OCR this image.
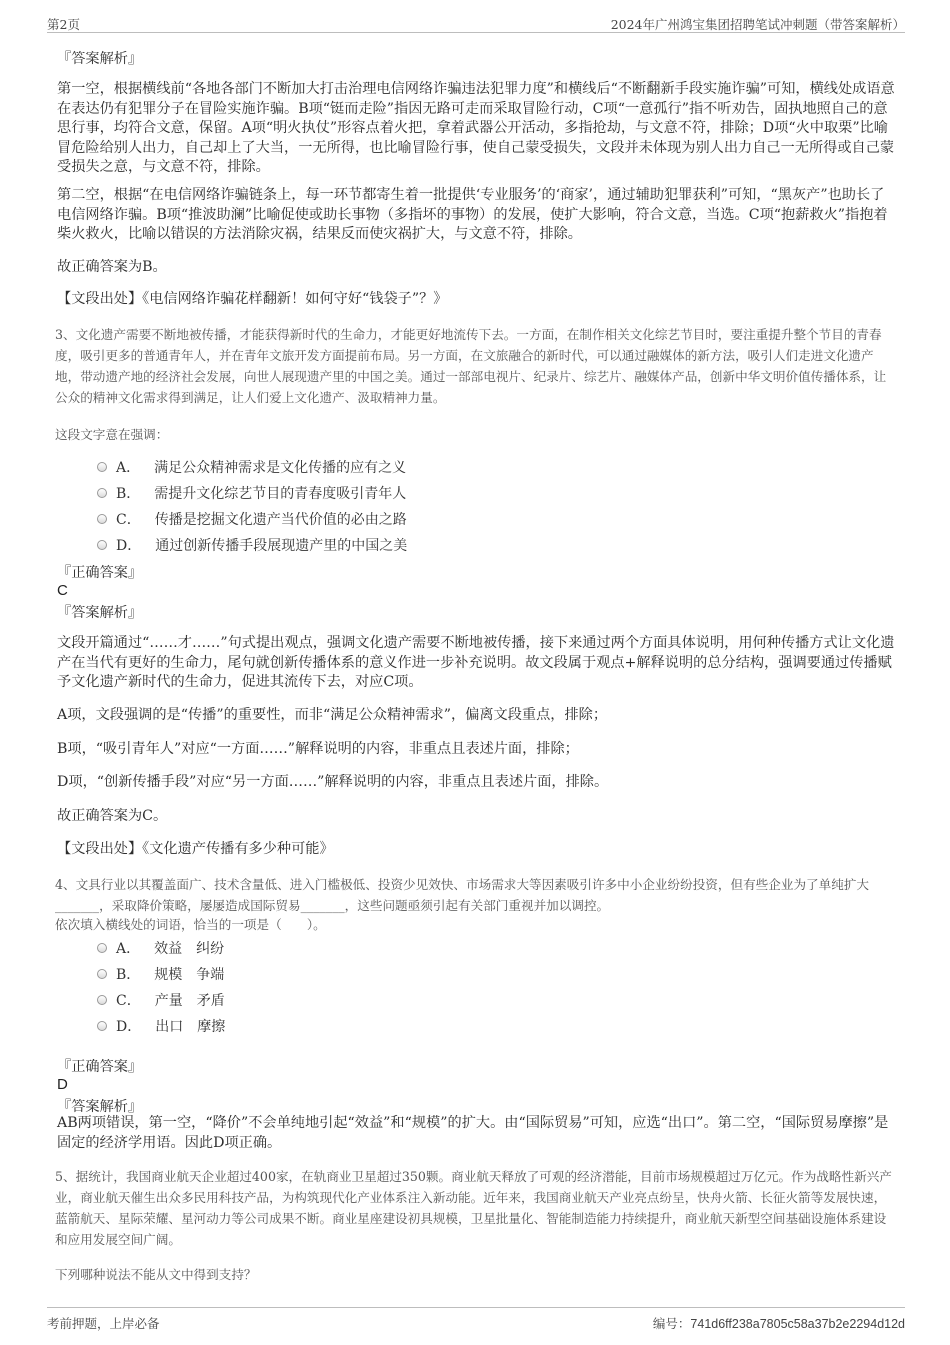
第2页	2024年广州鸿宝集团招聘笔试冲刺题（带答案解析）
『答案解析』
第一空，根据横线前“各地各部门不断加大打击治理电信网络诈骗违法犯罪力度”和横线后“不断翻新手段实施诈骗”可知，横线处成语意在表达仍有犯罪分子在冒险实施诈骗。B项“铤而走险”指因无路可走而采取冒险行动，C项“一意孤行”指不听劝告，固执地照自己的意思行事，均符合文意，保留。A项“明火执仗”形容点着火把，拿着武器公开活动，多指抢劫，与文意不符，排除；D项“火中取栗”比喻冒危险给别人出力，自己却上了大当，一无所得，也比喻冒险行事，使自己蒙受损失，文段并未体现为别人出力自己一无所得或自己蒙受损失之意，与文意不符，排除。
第二空，根据“在电信网络诈骗链条上，每一环节都寄生着一批提供‘专业服务’的‘商家’，通过辅助犯罪获利”可知，“黑灰产”也助长了电信网络诈骗。B项“推波助澜”比喻促使或助长事物（多指坏的事物）的发展，使扩大影响，符合文意，当选。C项“抱薪救火”指抱着柴火救火，比喻以错误的方法消除灾祸，结果反而使灾祸扩大，与文意不符，排除。
故正确答案为B。
【文段出处】《电信网络诈骗花样翻新！如何守好“钱袋子”？》
3、文化遗产需要不断地被传播，才能获得新时代的生命力，才能更好地流传下去。一方面，在制作相关文化综艺节目时，要注重提升整个节目的青春度，吸引更多的普通青年人，并在青年文旅开发方面提前布局。另一方面，在文旅融合的新时代，可以通过融媒体的新方法，吸引人们走进文化遗产地，带动遗产地的经济社会发展，向世人展现遗产里的中国之美。通过一部部电视片、纪录片、综艺片、融媒体产品，创新中华文明价值传播体系，让公众的精神文化需求得到满足，让人们爱上文化遗产、汲取精神力量。
这段文字意在强调：
A． 满足公众精神需求是文化传播的应有之义
B． 需提升文化综艺节目的青春度吸引青年人
C． 传播是挖掘文化遗产当代价值的必由之路
D． 通过创新传播手段展现遗产里的中国之美
『正确答案』
C
『答案解析』
文段开篇通过“……才……”句式提出观点，强调文化遗产需要不断地被传播，接下来通过两个方面具体说明，用何种传播方式让文化遗产在当代有更好的生命力，尾句就创新传播体系的意义作进一步补充说明。故文段属于观点+解释说明的总分结构，强调要通过传播赋予文化遗产新时代的生命力，促进其流传下去，对应C项。
A项，文段强调的是“传播”的重要性，而非“满足公众精神需求”，偏离文段重点，排除；
B项，“吸引青年人”对应“一方面……”解释说明的内容，非重点且表述片面，排除；
D项，“创新传播手段”对应“另一方面……”解释说明的内容，非重点且表述片面，排除。
故正确答案为C。
【文段出处】《文化遗产传播有多少种可能》
4、文具行业以其覆盖面广、技术含量低、进入门槛极低、投资少见效快、市场需求大等因素吸引许多中小企业纷纷投资，但有些企业为了单纯扩大_______，采取降价策略，屡屡造成国际贸易_______，这些问题亟须引起有关部门重视并加以调控。
依次填入横线处的词语，恰当的一项是（　　）。
A． 效益　纠纷
B． 规模　争端
C． 产量　矛盾
D． 出口　摩擦
『正确答案』
D
『答案解析』
AB两项错误，第一空，“降价”不会单纯地引起“效益”和“规模”的扩大。由“国际贸易”可知，应选“出口”。第二空，“国际贸易摩擦”是固定的经济学用语。因此D项正确。
5、据统计，我国商业航天企业超过400家，在轨商业卫星超过350颗。商业航天释放了可观的经济潜能，目前市场规模超过万亿元。作为战略性新兴产业，商业航天催生出众多民用科技产品，为构筑现代化产业体系注入新动能。近年来，我国商业航天产业亮点纷呈，快舟火箭、长征火箭等发展快速，蓝箭航天、星际荣耀、星河动力等公司成果不断。商业星座建设初具规模，卫星批量化、智能制造能力持续提升，商业航天新型空间基础设施体系建设和应用发展空间广阔。
下列哪种说法不能从文中得到支持？
考前押题，上岸必备	编号：741d6ff238a7805c58a37b2e2294d12d
